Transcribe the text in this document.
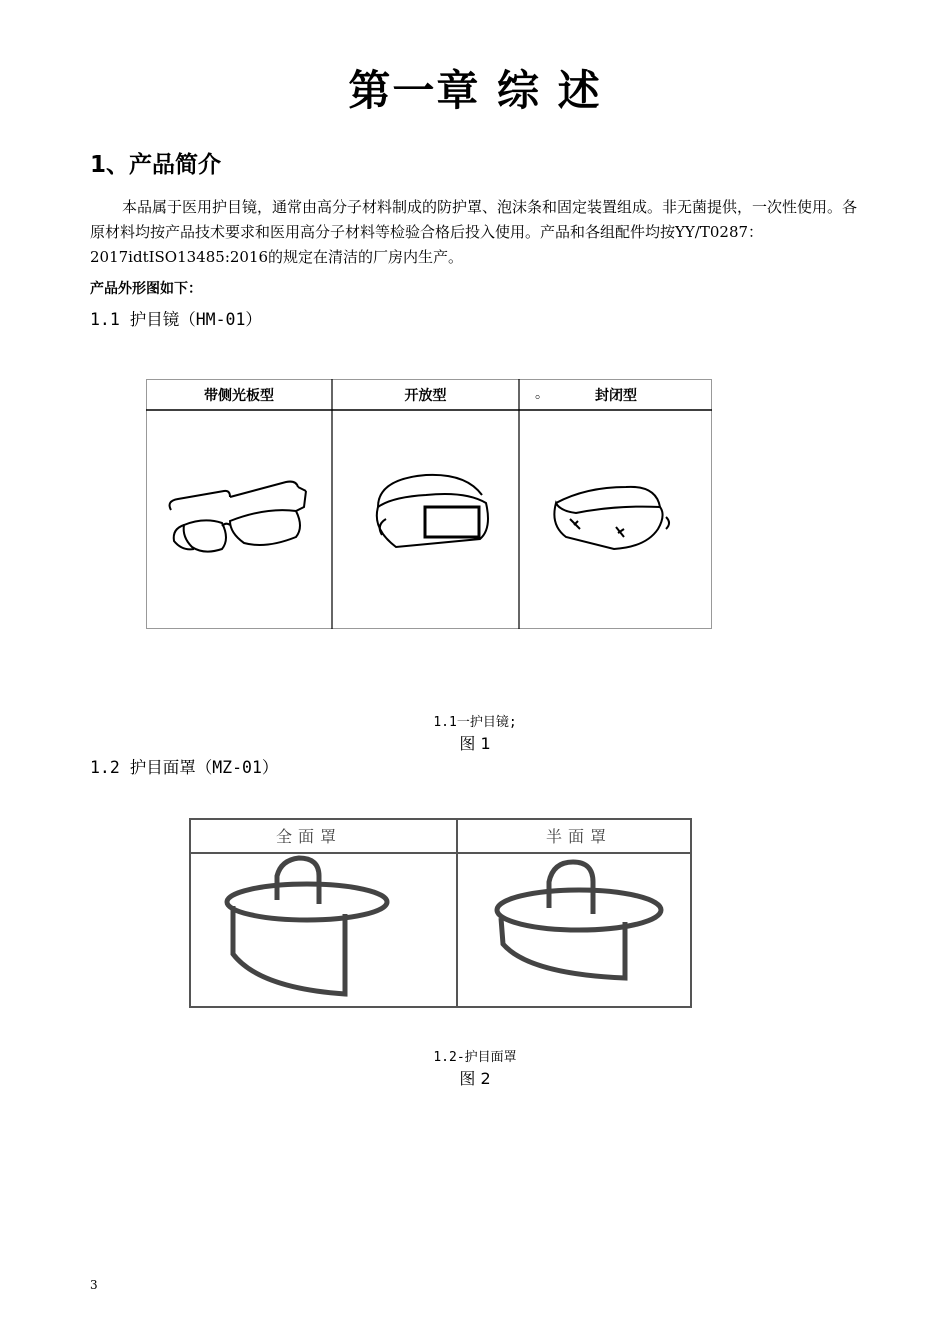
第一章 综 述
1、产品简介
本品属于医用护目镜，通常由高分子材料制成的防护罩、泡沫条和固定装置组成。非无菌提供，一次性使用。各原材料均按产品技术要求和医用高分子材料等检验合格后投入使用。产品和各组配件均按YY/T0287：2017idtISO13485:2016的规定在清洁的厂房内生产。
产品外形图如下：
1.1 护目镜（HM-01）
带侧光板型	开放型	。	封闭型
1.1一护目镜;
图 1
1.2 护目面罩（MZ-01）
全面罩	半面罩
1.2-护目面罩
图 2
3
